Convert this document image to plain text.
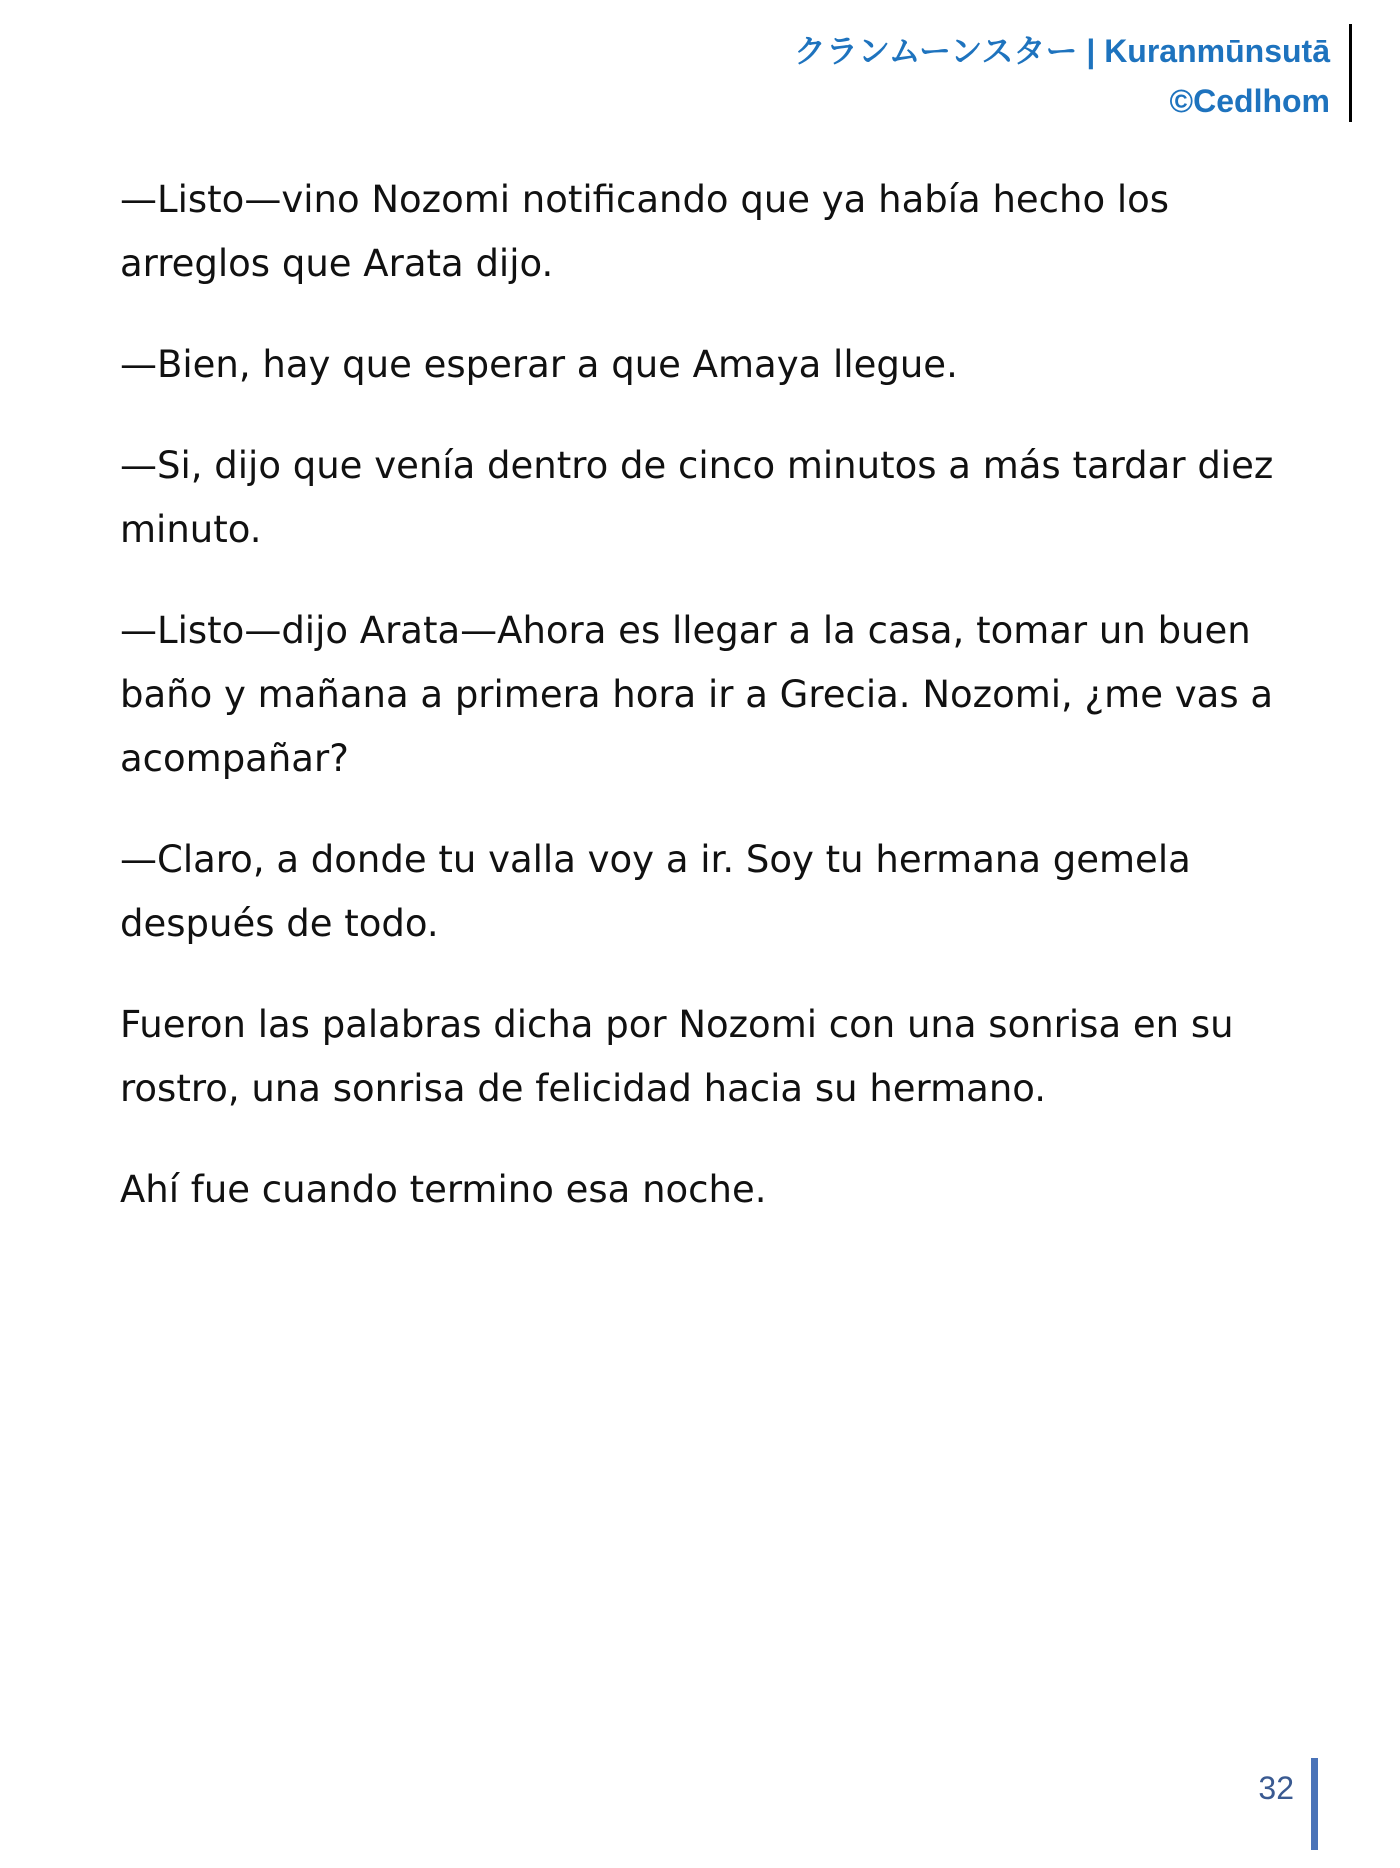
クランムーンスター | Kuranmūnsutā
©Cedlhom

—Listo—vino Nozomi notificando que ya había hecho los arreglos que Arata dijo.

—Bien, hay que esperar a que Amaya llegue.

—Si, dijo que venía dentro de cinco minutos a más tardar diez minuto.

—Listo—dijo Arata—Ahora es llegar a la casa, tomar un buen baño y mañana a primera hora ir a Grecia. Nozomi, ¿me vas a acompañar?

—Claro, a donde tu valla voy a ir. Soy tu hermana gemela después de todo.

Fueron las palabras dicha por Nozomi con una sonrisa en su rostro, una sonrisa de felicidad hacia su hermano.

Ahí fue cuando termino esa noche.

32
